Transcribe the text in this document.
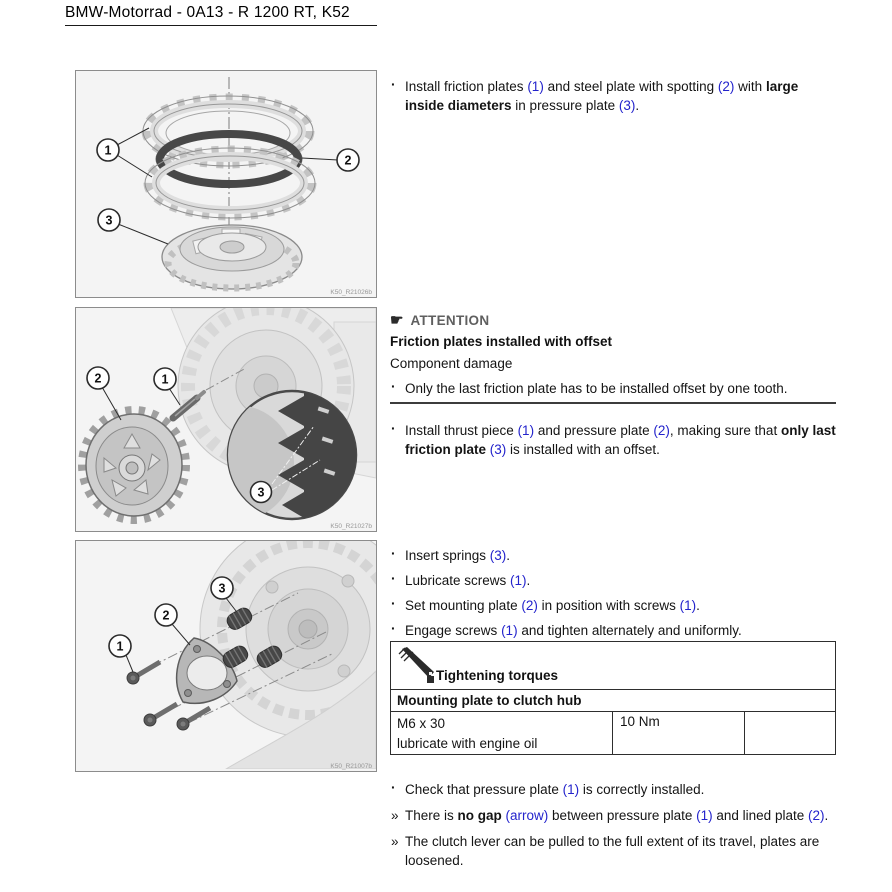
BMW-Motorrad - 0A13 - R 1200 RT, K52
1
2
3
K50_R21026b
3
2	1
K50_R21027b
3
2
1
K50_R21007b
· Install friction plates (1) and steel plate with spotting (2) with large inside diameters in pressure plate (3).
☛ ATTENTION
Friction plates installed with offset
Component damage
· Only the last friction plate has to be installed offset by one tooth.
· Install thrust piece (1) and pressure plate (2), making sure that only last friction plate (3) is installed with an offset.
· Insert springs (3).
· Lubricate screws (1).
· Set mounting plate (2) in position with screws (1).
· Engage screws (1) and tighten alternately and uniformly.
Tightening torques
Mounting plate to clutch hub
M6 x 30
lubricate with engine oil
10 Nm
· Check that pressure plate (1) is correctly installed.
» There is no gap (arrow) between pressure plate (1) and lined plate (2).
» The clutch lever can be pulled to the full extent of its travel, plates are loosened.
